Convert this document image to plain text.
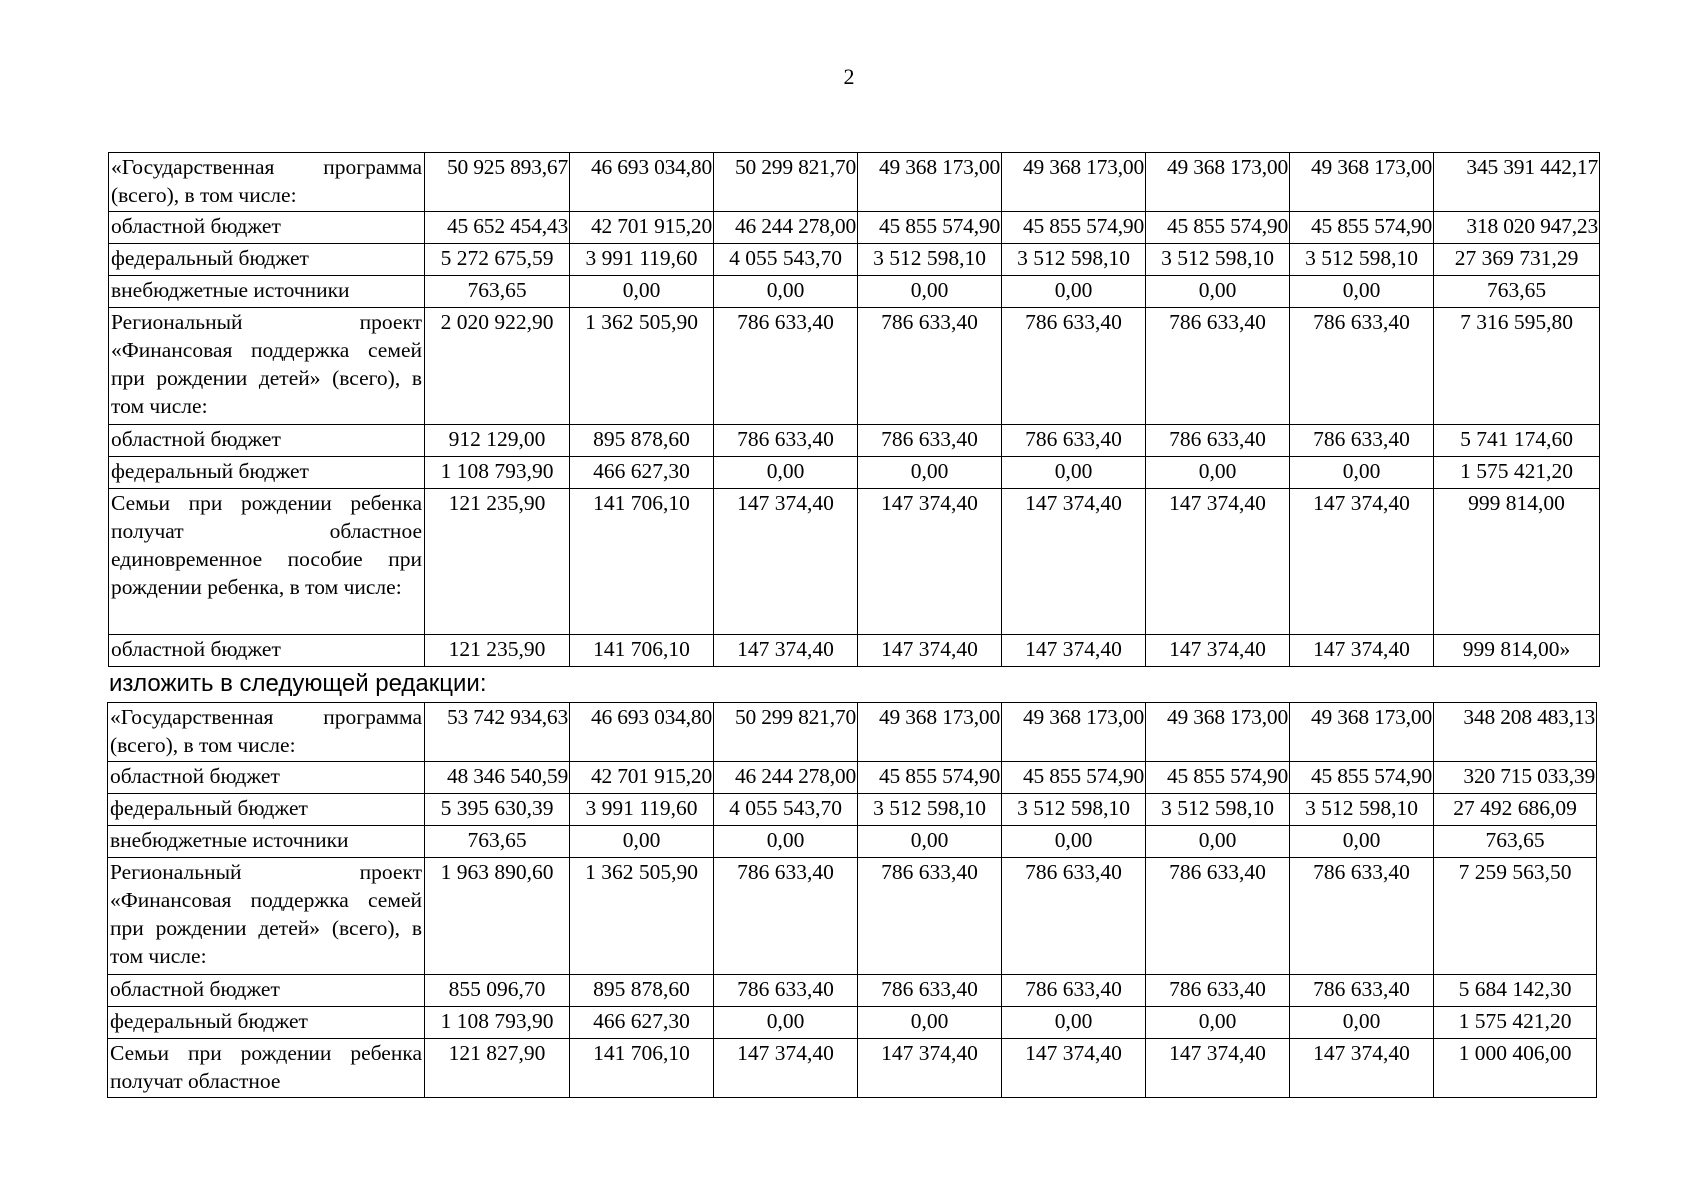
2
«Государственная программа (всего), в том числе:	50 925 893,67	46 693 034,80	50 299 821,70	49 368 173,00	49 368 173,00	49 368 173,00	49 368 173,00	345 391 442,17
областной бюджет	45 652 454,43	42 701 915,20	46 244 278,00	45 855 574,90	45 855 574,90	45 855 574,90	45 855 574,90	318 020 947,23
федеральный бюджет	5 272 675,59	3 991 119,60	4 055 543,70	3 512 598,10	3 512 598,10	3 512 598,10	3 512 598,10	27 369 731,29
внебюджетные источники	763,65	0,00	0,00	0,00	0,00	0,00	0,00	763,65
Региональный проект «Финансовая поддержка семей при рождении детей» (всего), в том числе:	2 020 922,90	1 362 505,90	786 633,40	786 633,40	786 633,40	786 633,40	786 633,40	7 316 595,80
областной бюджет	912 129,00	895 878,60	786 633,40	786 633,40	786 633,40	786 633,40	786 633,40	5 741 174,60
федеральный бюджет	1 108 793,90	466 627,30	0,00	0,00	0,00	0,00	0,00	1 575 421,20
Семьи при рождении ребенка получат областное единовременное пособие при рождении ребенка, в том числе:	121 235,90	141 706,10	147 374,40	147 374,40	147 374,40	147 374,40	147 374,40	999 814,00
областной бюджет	121 235,90	141 706,10	147 374,40	147 374,40	147 374,40	147 374,40	147 374,40	999 814,00»
изложить в следующей редакции:
«Государственная программа (всего), в том числе:	53 742 934,63	46 693 034,80	50 299 821,70	49 368 173,00	49 368 173,00	49 368 173,00	49 368 173,00	348 208 483,13
областной бюджет	48 346 540,59	42 701 915,20	46 244 278,00	45 855 574,90	45 855 574,90	45 855 574,90	45 855 574,90	320 715 033,39
федеральный бюджет	5 395 630,39	3 991 119,60	4 055 543,70	3 512 598,10	3 512 598,10	3 512 598,10	3 512 598,10	27 492 686,09
внебюджетные источники	763,65	0,00	0,00	0,00	0,00	0,00	0,00	763,65
Региональный проект «Финансовая поддержка семей при рождении детей» (всего), в том числе:	1 963 890,60	1 362 505,90	786 633,40	786 633,40	786 633,40	786 633,40	786 633,40	7 259 563,50
областной бюджет	855 096,70	895 878,60	786 633,40	786 633,40	786 633,40	786 633,40	786 633,40	5 684 142,30
федеральный бюджет	1 108 793,90	466 627,30	0,00	0,00	0,00	0,00	0,00	1 575 421,20
Семьи при рождении ребенка получат областное	121 827,90	141 706,10	147 374,40	147 374,40	147 374,40	147 374,40	147 374,40	1 000 406,00
